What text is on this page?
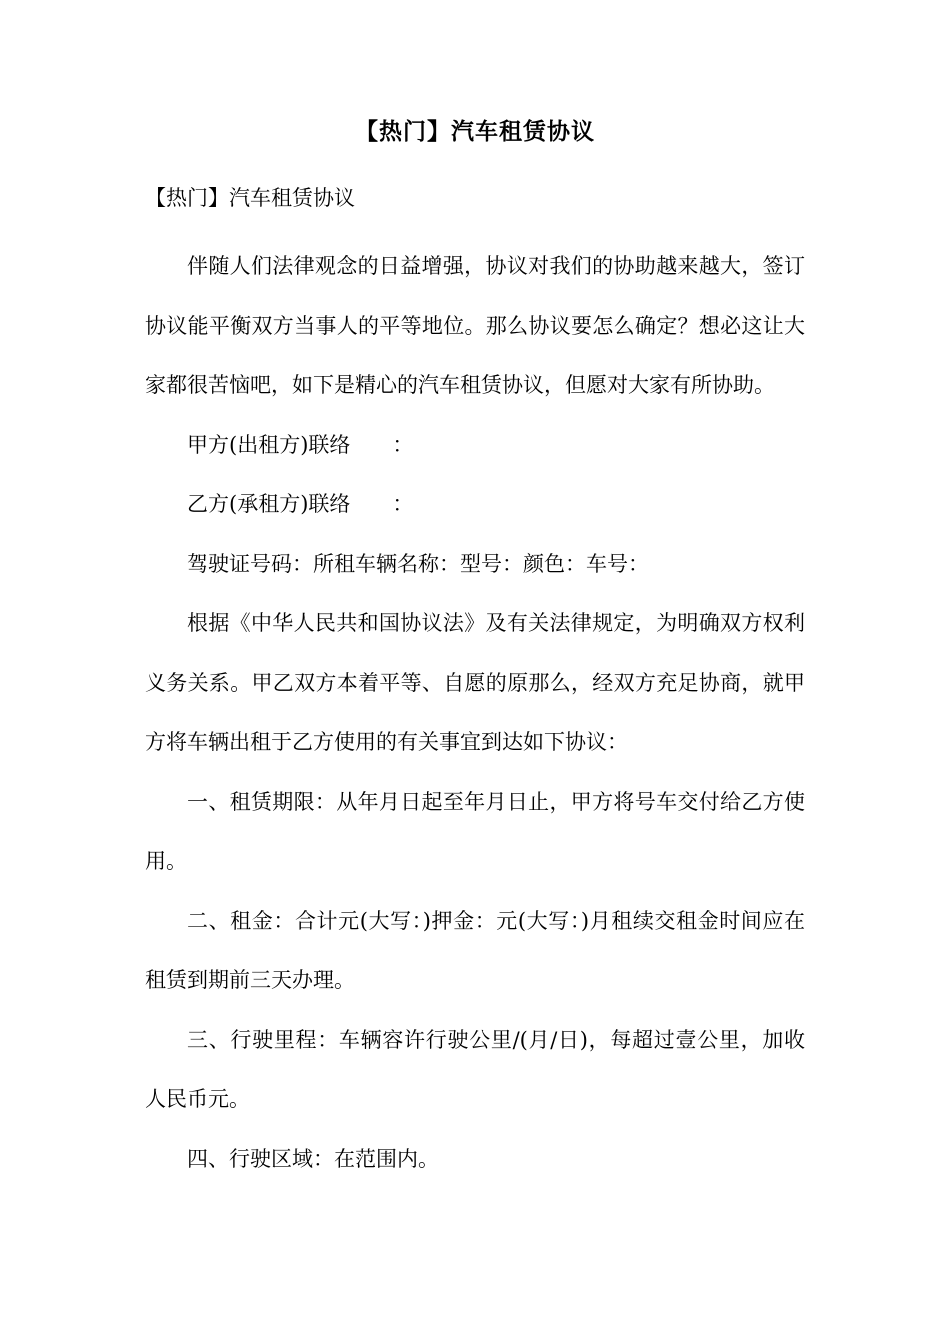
【热门】汽车租赁协议
【热门】汽车租赁协议

伴随人们法律观念的日益增强，协议对我们的协助越来越大，签订协议能平衡双方当事人的平等地位。那么协议要怎么确定？想必这让大家都很苦恼吧，如下是精心的汽车租赁协议，但愿对大家有所协助。

甲方(出租方)联络　　：

乙方(承租方)联络　　：

驾驶证号码：所租车辆名称：型号：颜色：车号：

根据《中华人民共和国协议法》及有关法律规定，为明确双方权利义务关系。甲乙双方本着平等、自愿的原那么，经双方充足协商，就甲方将车辆出租于乙方使用的有关事宜到达如下协议：

一、租赁期限：从年月日起至年月日止，甲方将号车交付给乙方使用。

二、租金：合计元(大写：)押金：元(大写：)月租续交租金时间应在租赁到期前三天办理。

三、行驶里程：车辆容许行驶公里/(月/日)，每超过壹公里，加收人民币元。

四、行驶区域：在范围内。
